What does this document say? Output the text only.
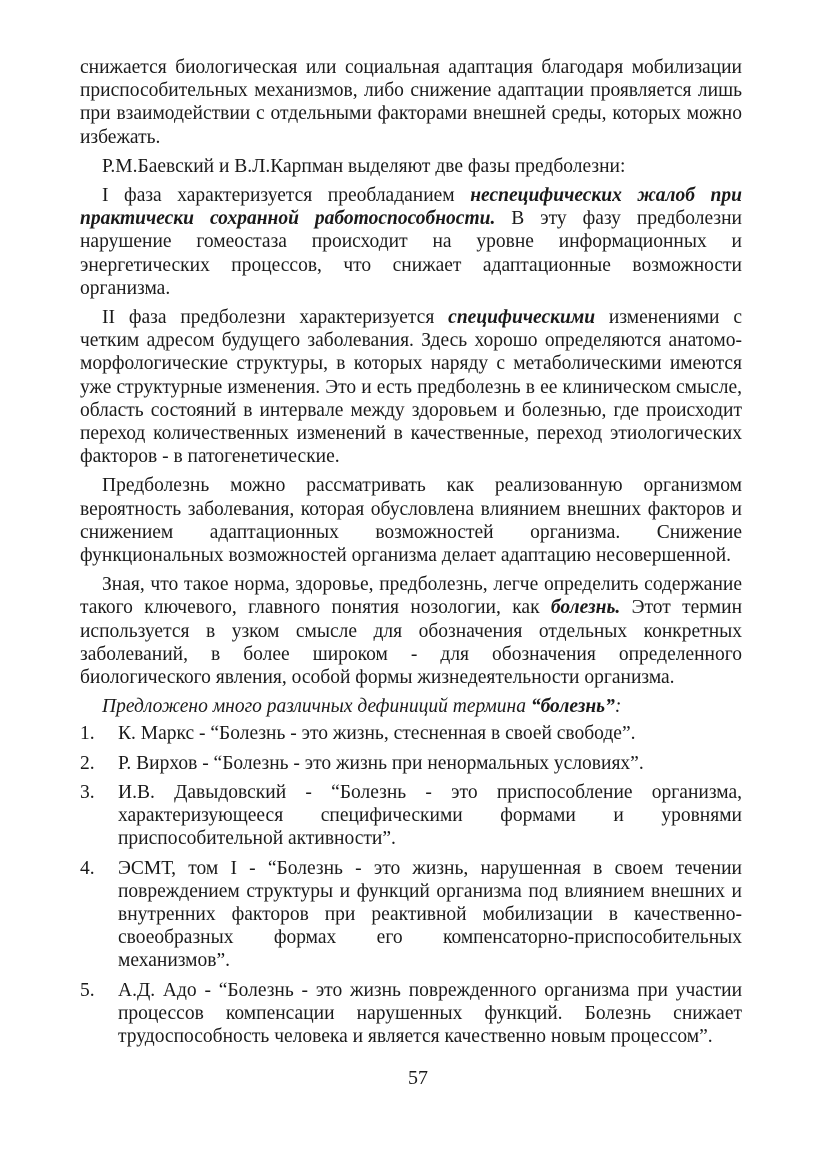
снижается биологическая или социальная адаптация благодаря мобилизации приспособительных механизмов, либо снижение адаптации проявляется лишь при взаимодействии с отдельными факторами внешней среды, которых можно избежать.

Р.М.Баевский и В.Л.Карпман выделяют две фазы предболезни:

I фаза характеризуется преобладанием неспецифических жалоб при практически сохранной работоспособности. В эту фазу предболезни нарушение гомеостаза происходит на уровне информационных и энергетических процессов, что снижает адаптационные возможности организма.

II фаза предболезни характеризуется специфическими изменениями с четким адресом будущего заболевания. Здесь хорошо определяются анатомо-морфологические структуры, в которых наряду с метаболическими имеются уже структурные изменения. Это и есть предболезнь в ее клиническом смысле, область состояний в интервале между здоровьем и болезнью, где происходит переход количественных изменений в качественные, переход этиологических факторов - в патогенетические.

Предболезнь можно рассматривать как реализованную организмом вероятность заболевания, которая обусловлена влиянием внешних факторов и снижением адаптационных возможностей организма. Снижение функциональных возможностей организма делает адаптацию несовершенной.

Зная, что такое норма, здоровье, предболезнь, легче определить содержание такого ключевого, главного понятия нозологии, как болезнь. Этот термин используется в узком смысле для обозначения отдельных конкретных заболеваний, в более широком - для обозначения определенного биологического явления, особой формы жизнедеятельности организма.

Предложено много различных дефиниций термина “болезнь”:

1.	К. Маркс - “Болезнь - это жизнь, стесненная в своей свободе”.
2.	Р. Вирхов - “Болезнь - это жизнь при ненормальных условиях”.
3.	И.В. Давыдовский - “Болезнь - это приспособление организма, характеризующееся специфическими формами и уровнями приспособительной активности”.
4.	ЭСМТ, том I - “Болезнь - это жизнь, нарушенная в своем течении повреждением структуры и функций организма под влиянием внешних и внутренних факторов при реактивной мобилизации в качественно-своеобразных формах его компенсаторно-приспособительных механизмов”.
5.	А.Д. Адо - “Болезнь - это жизнь поврежденного организма при участии процессов компенсации нарушенных функций. Болезнь снижает трудоспособность человека и является качественно новым процессом”.
57
